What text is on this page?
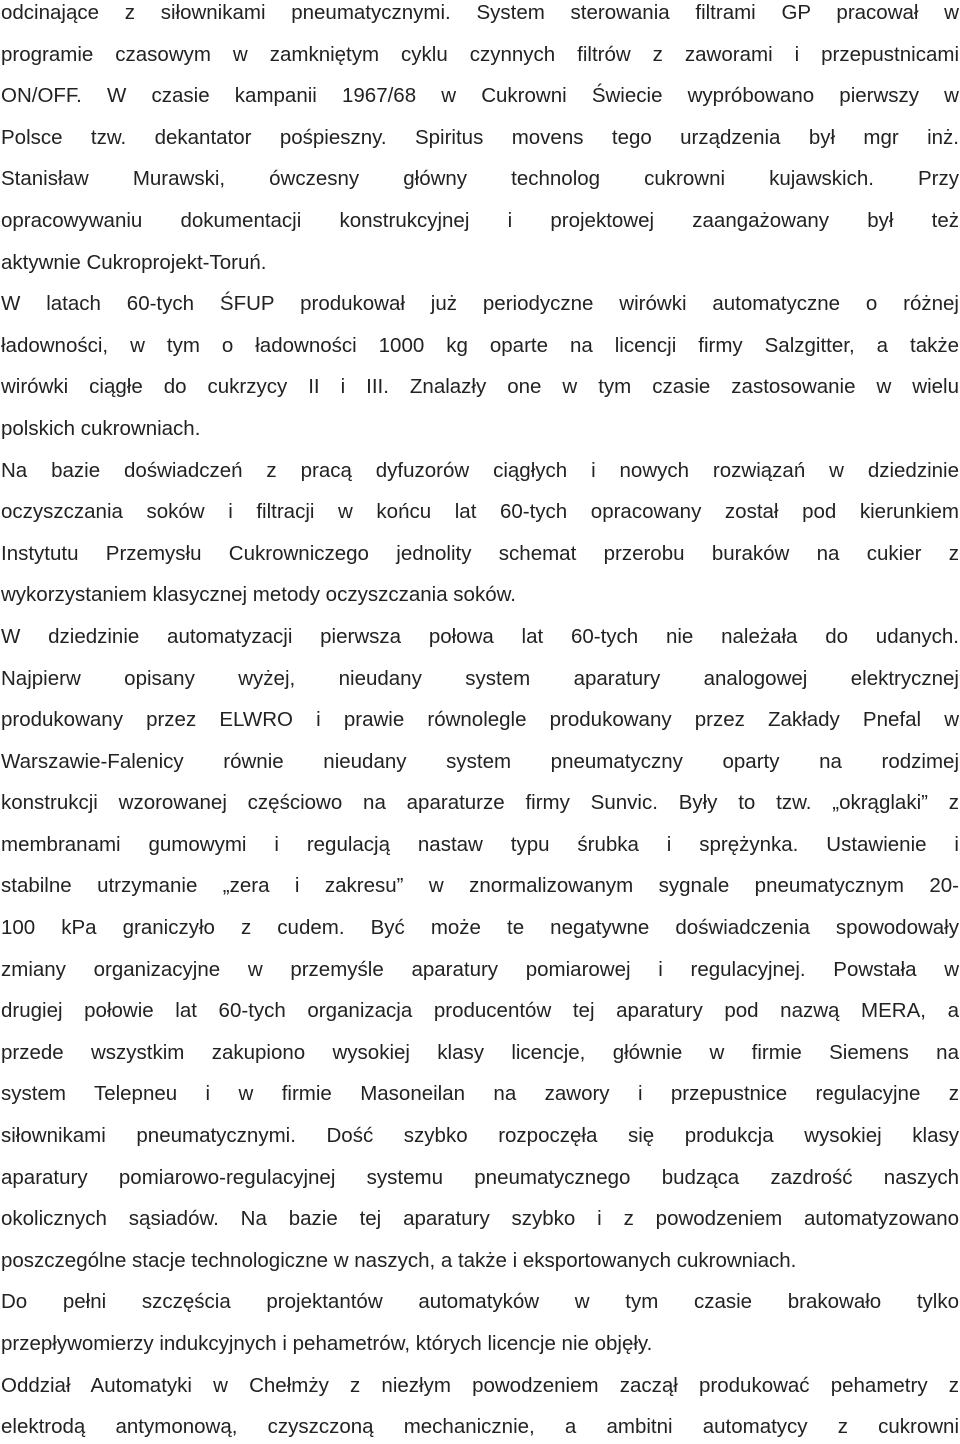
odcinające z siłownikami pneumatycznymi. System sterowania filtrami GP pracował w
programie czasowym w zamkniętym cyklu czynnych filtrów z zaworami i przepustnicami
ON/OFF. W czasie kampanii 1967/68 w Cukrowni Świecie wypróbowano pierwszy w
Polsce tzw. dekantator pośpieszny. Spiritus movens tego urządzenia był mgr inż.
Stanisław Murawski, ówczesny główny technolog cukrowni kujawskich. Przy
opracowywaniu dokumentacji konstrukcyjnej i projektowej zaangażowany był też
aktywnie Cukroprojekt-Toruń.
W latach 60-tych ŚFUP produkował już periodyczne wirówki automatyczne o różnej
ładowności, w tym o ładowności 1000 kg oparte na licencji firmy Salzgitter, a także
wirówki ciągłe do cukrzycy II i III. Znalazły one w tym czasie zastosowanie w wielu
polskich cukrowniach.
Na bazie doświadczeń z pracą dyfuzorów ciągłych i nowych rozwiązań w dziedzinie
oczyszczania soków i filtracji w końcu lat 60-tych opracowany został pod kierunkiem
Instytutu Przemysłu Cukrowniczego jednolity schemat przerobu buraków na cukier z
wykorzystaniem klasycznej metody oczyszczania soków.
W dziedzinie automatyzacji pierwsza połowa lat 60-tych nie należała do udanych.
Najpierw opisany wyżej, nieudany system aparatury analogowej elektrycznej
produkowany przez ELWRO i prawie równolegle produkowany przez Zakłady Pnefal w
Warszawie-Falenicy równie nieudany system pneumatyczny oparty na rodzimej
konstrukcji wzorowanej częściowo na aparaturze firmy Sunvic. Były to tzw. „okrąglaki” z
membranami gumowymi i regulacją nastaw typu śrubka i sprężynka. Ustawienie i
stabilne utrzymanie „zera i zakresu” w znormalizowanym sygnale pneumatycznym 20-
100 kPa graniczyło z cudem. Być może te negatywne doświadczenia spowodowały
zmiany organizacyjne w przemyśle aparatury pomiarowej i regulacyjnej. Powstała w
drugiej połowie lat 60-tych organizacja producentów tej aparatury pod nazwą MERA, a
przede wszystkim zakupiono wysokiej klasy licencje, głównie w firmie Siemens na
system Telepneu i w firmie Masoneilan na zawory i przepustnice regulacyjne z
siłownikami pneumatycznymi. Dość szybko rozpoczęła się produkcja wysokiej klasy
aparatury pomiarowo-regulacyjnej systemu pneumatycznego budząca zazdrość naszych
okolicznych sąsiadów. Na bazie tej aparatury szybko i z powodzeniem automatyzowano
poszczególne stacje technologiczne w naszych, a także i eksportowanych cukrowniach.
Do pełni szczęścia projektantów automatyków w tym czasie brakowało tylko
przepływomierzy indukcyjnych i pehametrów, których licencje nie objęły.
Oddział Automatyki w Chełmży z niezłym powodzeniem zaczął produkować pehametry z
elektrodą antymonową, czyszczoną mechanicznie, a ambitni automatycy z cukrowni
